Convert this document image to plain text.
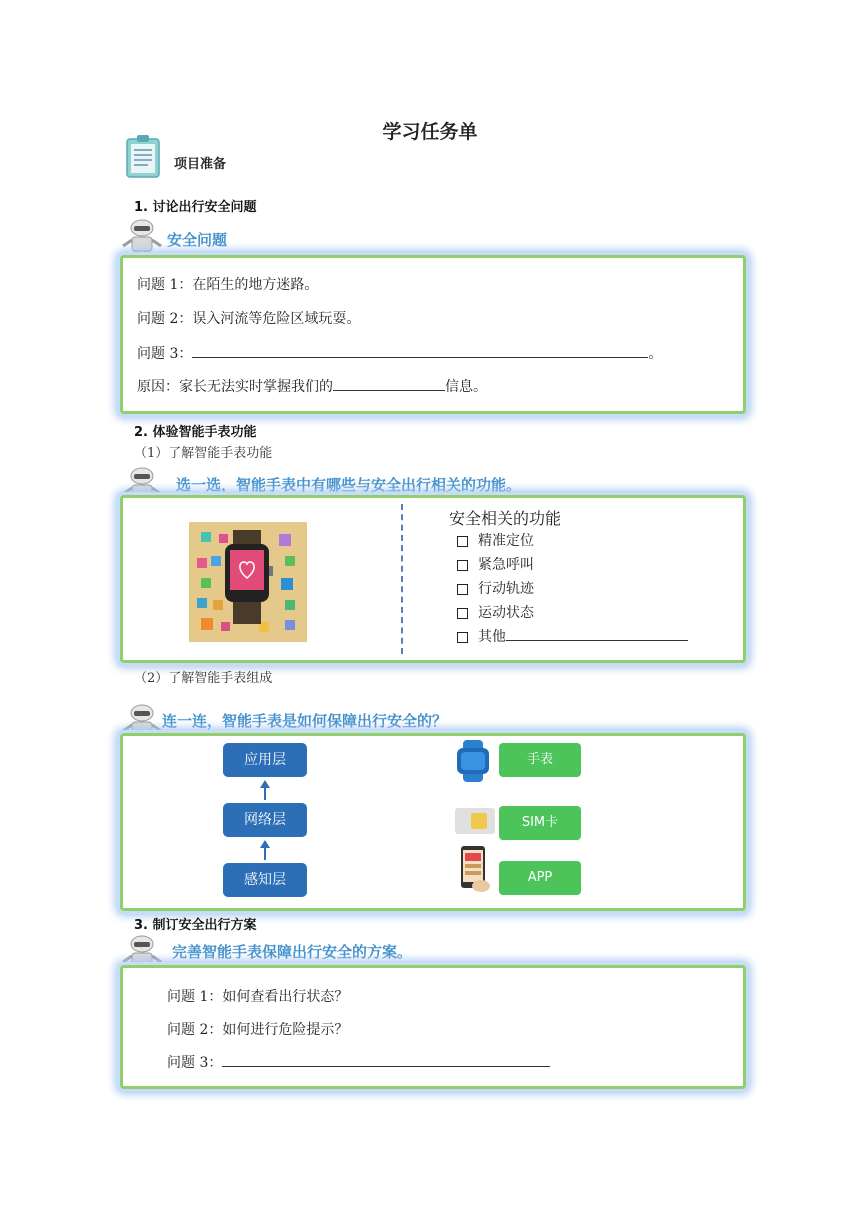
学习任务单
项目准备
1. 讨论出行安全问题
安全问题
问题 1：在陌生的地方迷路。
问题 2：误入河流等危险区域玩耍。
问题 3：	。
原因：家长无法实时掌握我们的	信息。
2. 体验智能手表功能
（1）了解智能手表功能
选一选，智能手表中有哪些与安全出行相关的功能。
安全相关的功能
精准定位
紧急呼叫
行动轨迹
运动状态
其他
（2）了解智能手表组成
连一连，智能手表是如何保障出行安全的？
应用层
网络层
感知层
手表
SIM卡
APP
3. 制订安全出行方案
完善智能手表保障出行安全的方案。
问题 1：如何查看出行状态？
问题 2：如何进行危险提示？
问题 3：
